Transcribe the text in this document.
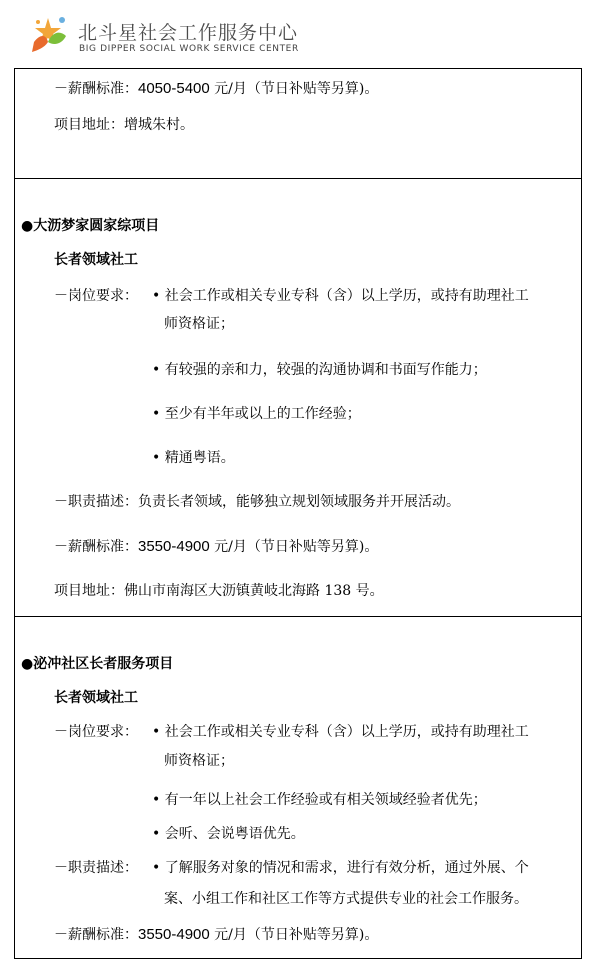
北斗星社会工作服务中心
BIG DIPPER SOCIAL WORK SERVICE CENTER
－薪酬标准：4050-5400 元/月（节日补贴等另算)。
项目地址：增城朱村。
●大沥梦家圆家综项目
长者领域社工
－岗位要求： • 社会工作或相关专业专科（含）以上学历，或持有助理社工
师资格证；
• 有较强的亲和力，较强的沟通协调和书面写作能力；
• 至少有半年或以上的工作经验；
• 精通粤语。
－职责描述：负责长者领域，能够独立规划领域服务并开展活动。
－薪酬标准：3550-4900 元/月（节日补贴等另算)。
项目地址：佛山市南海区大沥镇黄岐北海路 138 号。
●泌冲社区长者服务项目
长者领域社工
－岗位要求： • 社会工作或相关专业专科（含）以上学历，或持有助理社工
师资格证；
• 有一年以上社会工作经验或有相关领域经验者优先；
• 会听、会说粤语优先。
－职责描述： • 了解服务对象的情况和需求，进行有效分析，通过外展、个
案、小组工作和社区工作等方式提供专业的社会工作服务。
－薪酬标准：3550-4900 元/月（节日补贴等另算)。
